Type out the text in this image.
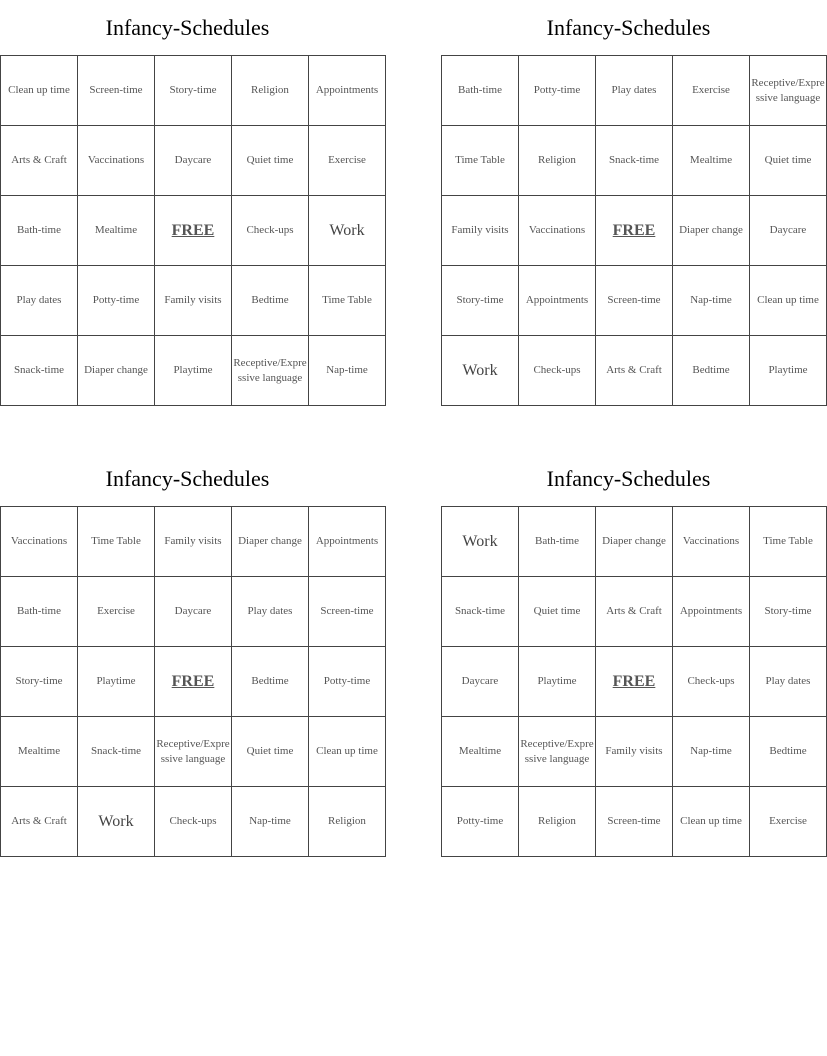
Infancy-Schedules
Clean up time	Screen-time	Story-time	Religion	Appointments
Arts & Craft	Vaccinations	Daycare	Quiet time	Exercise
Bath-time	Mealtime	FREE	Check-ups	Work
Play dates	Potty-time	Family visits	Bedtime	Time Table
Snack-time	Diaper change	Playtime	Receptive/Expressive language	Nap-time
Infancy-Schedules
Bath-time	Potty-time	Play dates	Exercise	Receptive/Expressive language
Time Table	Religion	Snack-time	Mealtime	Quiet time
Family visits	Vaccinations	FREE	Diaper change	Daycare
Story-time	Appointments	Screen-time	Nap-time	Clean up time
Work	Check-ups	Arts & Craft	Bedtime	Playtime
Infancy-Schedules
Vaccinations	Time Table	Family visits	Diaper change	Appointments
Bath-time	Exercise	Daycare	Play dates	Screen-time
Story-time	Playtime	FREE	Bedtime	Potty-time
Mealtime	Snack-time	Receptive/Expressive language	Quiet time	Clean up time
Arts & Craft	Work	Check-ups	Nap-time	Religion
Infancy-Schedules
Work	Bath-time	Diaper change	Vaccinations	Time Table
Snack-time	Quiet time	Arts & Craft	Appointments	Story-time
Daycare	Playtime	FREE	Check-ups	Play dates
Mealtime	Receptive/Expressive language	Family visits	Nap-time	Bedtime
Potty-time	Religion	Screen-time	Clean up time	Exercise
